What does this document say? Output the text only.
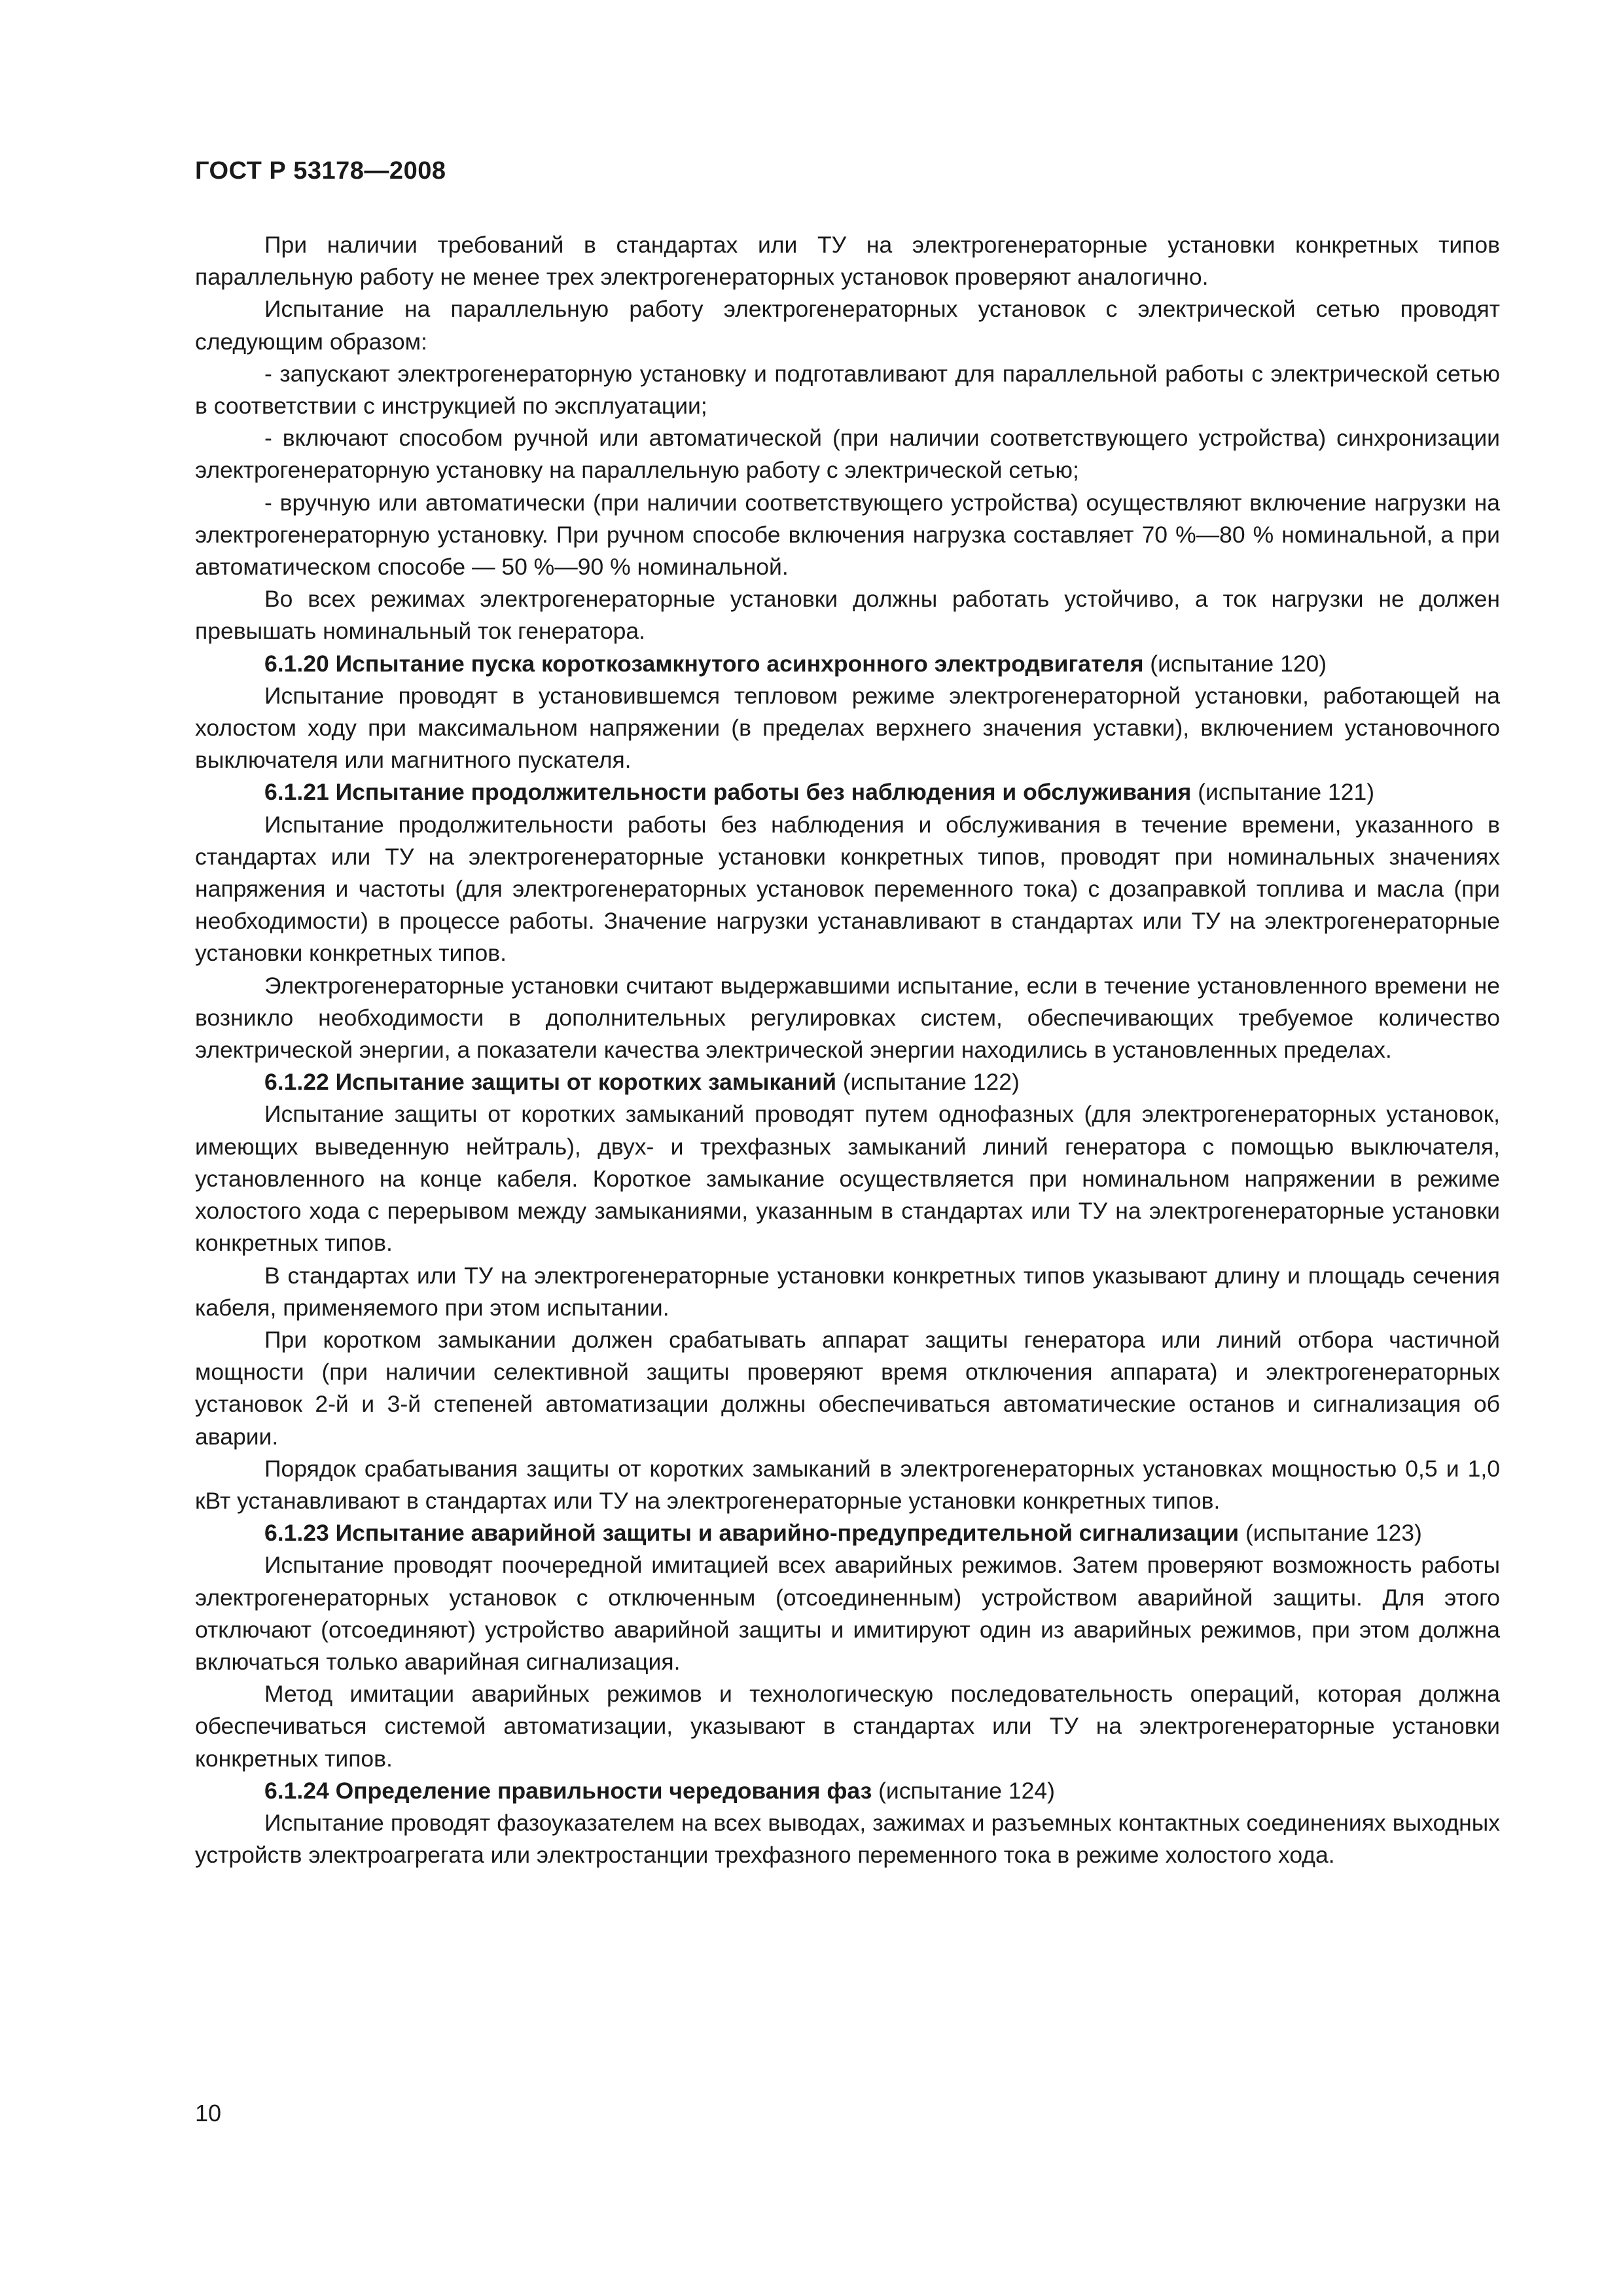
ГОСТ Р 53178—2008

При наличии требований в стандартах или ТУ на электрогенераторные установки конкретных типов параллельную работу не менее трех электрогенераторных установок проверяют аналогично.

Испытание на параллельную работу электрогенераторных установок с электрической сетью проводят следующим образом:

- запускают электрогенераторную установку и подготавливают для параллельной работы с электрической сетью в соответствии с инструкцией по эксплуатации;

- включают способом ручной или автоматической (при наличии соответствующего устройства) синхронизации электрогенераторную установку на параллельную работу с электрической сетью;

- вручную или автоматически (при наличии соответствующего устройства) осуществляют включение нагрузки на электрогенераторную установку. При ручном способе включения нагрузка составляет 70 %—80 % номинальной, а при автоматическом способе — 50 %—90 % номинальной.

Во всех режимах электрогенераторные установки должны работать устойчиво, а ток нагрузки не должен превышать номинальный ток генератора.

6.1.20 Испытание пуска короткозамкнутого асинхронного электродвигателя (испытание 120)

Испытание проводят в установившемся тепловом режиме электрогенераторной установки, работающей на холостом ходу при максимальном напряжении (в пределах верхнего значения уставки), включением установочного выключателя или магнитного пускателя.

6.1.21 Испытание продолжительности работы без наблюдения и обслуживания (испытание 121)

Испытание продолжительности работы без наблюдения и обслуживания в течение времени, указанного в стандартах или ТУ на электрогенераторные установки конкретных типов, проводят при номинальных значениях напряжения и частоты (для электрогенераторных установок переменного тока) с дозаправкой топлива и масла (при необходимости) в процессе работы. Значение нагрузки устанавливают в стандартах или ТУ на электрогенераторные установки конкретных типов.

Электрогенераторные установки считают выдержавшими испытание, если в течение установленного времени не возникло необходимости в дополнительных регулировках систем, обеспечивающих требуемое количество электрической энергии, а показатели качества электрической энергии находились в установленных пределах.

6.1.22 Испытание защиты от коротких замыканий (испытание 122)

Испытание защиты от коротких замыканий проводят путем однофазных (для электрогенераторных установок, имеющих выведенную нейтраль), двух- и трехфазных замыканий линий генератора с помощью выключателя, установленного на конце кабеля. Короткое замыкание осуществляется при номинальном напряжении в режиме холостого хода с перерывом между замыканиями, указанным в стандартах или ТУ на электрогенераторные установки конкретных типов.

В стандартах или ТУ на электрогенераторные установки конкретных типов указывают длину и площадь сечения кабеля, применяемого при этом испытании.

При коротком замыкании должен срабатывать аппарат защиты генератора или линий отбора частичной мощности (при наличии селективной защиты проверяют время отключения аппарата) и электрогенераторных установок 2-й и 3-й степеней автоматизации должны обеспечиваться автоматические останов и сигнализация об аварии.

Порядок срабатывания защиты от коротких замыканий в электрогенераторных установках мощностью 0,5 и 1,0 кВт устанавливают в стандартах или ТУ на электрогенераторные установки конкретных типов.

6.1.23 Испытание аварийной защиты и аварийно-предупредительной сигнализации (испытание 123)

Испытание проводят поочередной имитацией всех аварийных режимов. Затем проверяют возможность работы электрогенераторных установок с отключенным (отсоединенным) устройством аварийной защиты. Для этого отключают (отсоединяют) устройство аварийной защиты и имитируют один из аварийных режимов, при этом должна включаться только аварийная сигнализация.

Метод имитации аварийных режимов и технологическую последовательность операций, которая должна обеспечиваться системой автоматизации, указывают в стандартах или ТУ на электрогенераторные установки конкретных типов.

6.1.24 Определение правильности чередования фаз (испытание 124)

Испытание проводят фазоуказателем на всех выводах, зажимах и разъемных контактных соединениях выходных устройств электроагрегата или электростанции трехфазного переменного тока в режиме холостого хода.

10
